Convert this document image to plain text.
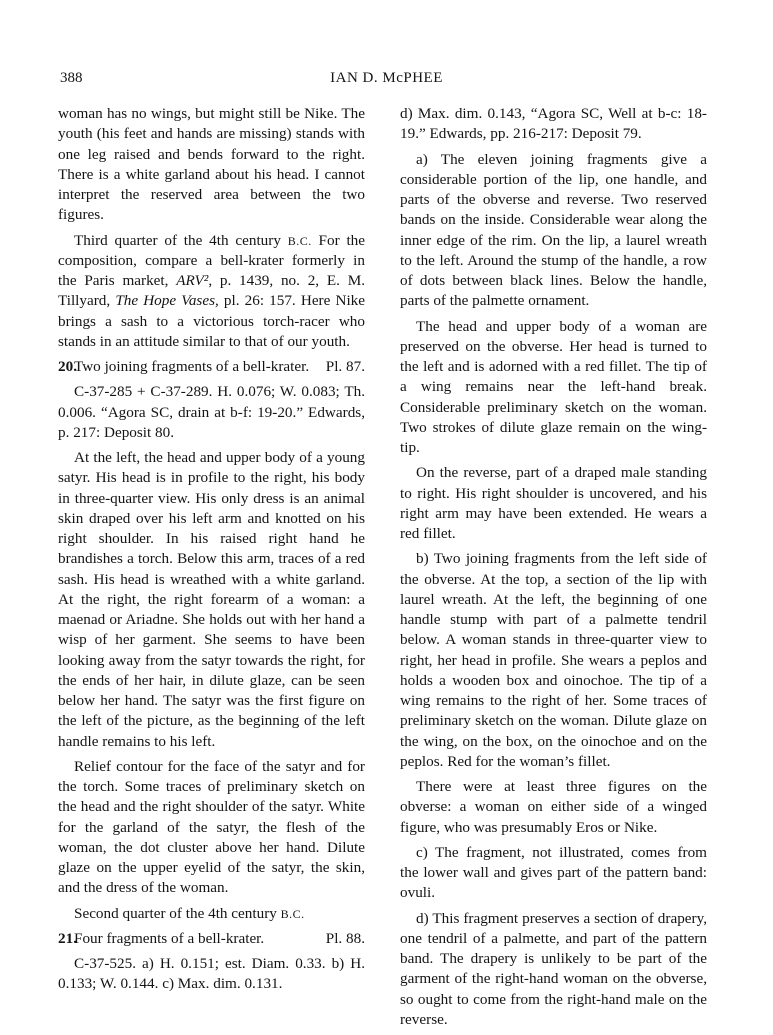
388	IAN D. McPHEE

woman has no wings, but might still be Nike. The youth (his feet and hands are missing) stands with one leg raised and bends forward to the right. There is a white garland about his head. I cannot interpret the reserved area between the two figures.

Third quarter of the 4th century B.C. For the composition, compare a bell-krater formerly in the Paris market, ARV², p. 1439, no. 2, E. M. Tillyard, The Hope Vases, pl. 26: 157. Here Nike brings a sash to a victorious torch-racer who stands in an attitude similar to that of our youth.

20.	Pl. 87.
Two joining fragments of a bell-krater.

C-37-285 + C-37-289. H. 0.076; W. 0.083; Th. 0.006. “Agora SC, drain at b-f: 19-20.” Edwards, p. 217: Deposit 80.

At the left, the head and upper body of a young satyr. His head is in profile to the right, his body in three-quarter view. His only dress is an animal skin draped over his left arm and knotted on his right shoulder. In his raised right hand he brandishes a torch. Below this arm, traces of a red sash. His head is wreathed with a white garland. At the right, the right forearm of a woman: a maenad or Ariadne. She holds out with her hand a wisp of her garment. She seems to have been looking away from the satyr towards the right, for the ends of her hair, in dilute glaze, can be seen below her hand. The satyr was the first figure on the left of the picture, as the beginning of the left handle remains to his left.

Relief contour for the face of the satyr and for the torch. Some traces of preliminary sketch on the head and the right shoulder of the satyr. White for the garland of the satyr, the flesh of the woman, the dot cluster above her hand. Dilute glaze on the upper eyelid of the satyr, the skin, and the dress of the woman.

Second quarter of the 4th century B.C.

21.	Pl. 88.
Four fragments of a bell-krater.

C-37-525. a) H. 0.151; est. Diam. 0.33. b) H. 0.133; W. 0.144. c) Max. dim. 0.131.

d) Max. dim. 0.143, “Agora SC, Well at b-c: 18-19.” Edwards, pp. 216-217: Deposit 79.

a) The eleven joining fragments give a considerable portion of the lip, one handle, and parts of the obverse and reverse. Two reserved bands on the inside. Considerable wear along the inner edge of the rim. On the lip, a laurel wreath to the left. Around the stump of the handle, a row of dots between black lines. Below the handle, parts of the palmette ornament.

The head and upper body of a woman are preserved on the obverse. Her head is turned to the left and is adorned with a red fillet. The tip of a wing remains near the left-hand break. Considerable preliminary sketch on the woman. Two strokes of dilute glaze remain on the wing-tip.

On the reverse, part of a draped male standing to right. His right shoulder is uncovered, and his right arm may have been extended. He wears a red fillet.

b) Two joining fragments from the left side of the obverse. At the top, a section of the lip with laurel wreath. At the left, the beginning of one handle stump with part of a palmette tendril below. A woman stands in three-quarter view to right, her head in profile. She wears a peplos and holds a wooden box and oinochoe. The tip of a wing remains to the right of her. Some traces of preliminary sketch on the woman. Dilute glaze on the wing, on the box, on the oinochoe and on the peplos. Red for the woman’s fillet.

There were at least three figures on the obverse: a woman on either side of a winged figure, who was presumably Eros or Nike.

c) The fragment, not illustrated, comes from the lower wall and gives part of the pattern band: ovuli.

d) This fragment preserves a section of drapery, one tendril of a palmette, and part of the pattern band. The drapery is unlikely to be part of the garment of the right-hand woman on the obverse, so ought to come from the right-hand male on the reverse.
